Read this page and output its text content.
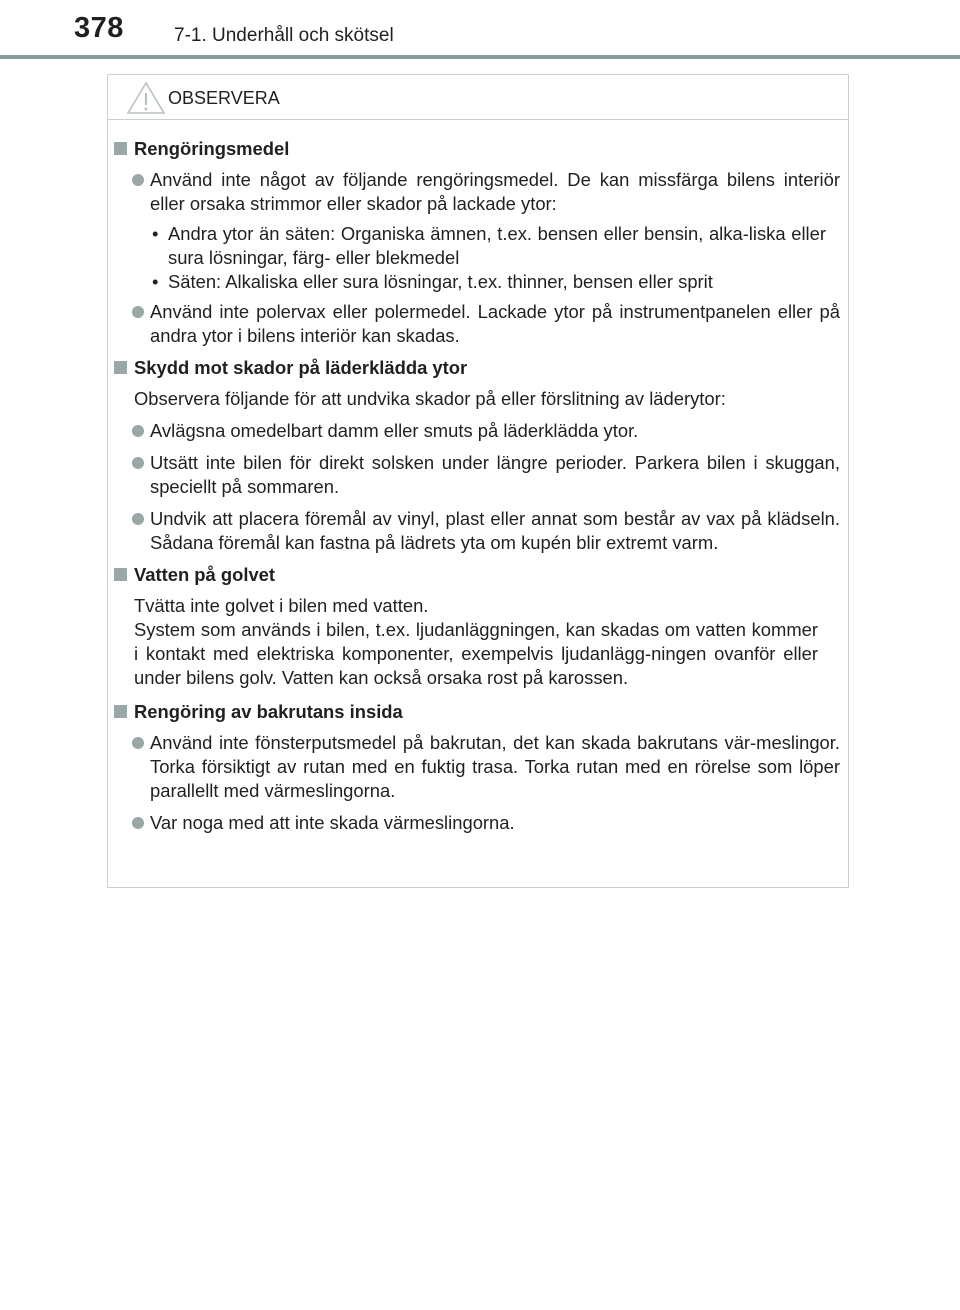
378	7-1. Underhåll och skötsel
OBSERVERA
Rengöringsmedel
Använd inte något av följande rengöringsmedel. De kan missfärga bilens interiör eller orsaka strimmor eller skador på lackade ytor:
• Andra ytor än säten: Organiska ämnen, t.ex. bensen eller bensin, alka-liska eller sura lösningar, färg- eller blekmedel
• Säten: Alkaliska eller sura lösningar, t.ex. thinner, bensen eller sprit
Använd inte polervax eller polermedel. Lackade ytor på instrumentpanelen eller på andra ytor i bilens interiör kan skadas.
Skydd mot skador på läderklädda ytor
Observera följande för att undvika skador på eller förslitning av läderytor:
Avlägsna omedelbart damm eller smuts på läderklädda ytor.
Utsätt inte bilen för direkt solsken under längre perioder. Parkera bilen i skuggan, speciellt på sommaren.
Undvik att placera föremål av vinyl, plast eller annat som består av vax på klädseln. Sådana föremål kan fastna på lädrets yta om kupén blir extremt varm.
Vatten på golvet
Tvätta inte golvet i bilen med vatten.
System som används i bilen, t.ex. ljudanläggningen, kan skadas om vatten kommer i kontakt med elektriska komponenter, exempelvis ljudanlägg-ningen ovanför eller under bilens golv. Vatten kan också orsaka rost på karossen.
Rengöring av bakrutans insida
Använd inte fönsterputsmedel på bakrutan, det kan skada bakrutans vär-meslingor. Torka försiktigt av rutan med en fuktig trasa. Torka rutan med en rörelse som löper parallellt med värmeslingorna.
Var noga med att inte skada värmeslingorna.
